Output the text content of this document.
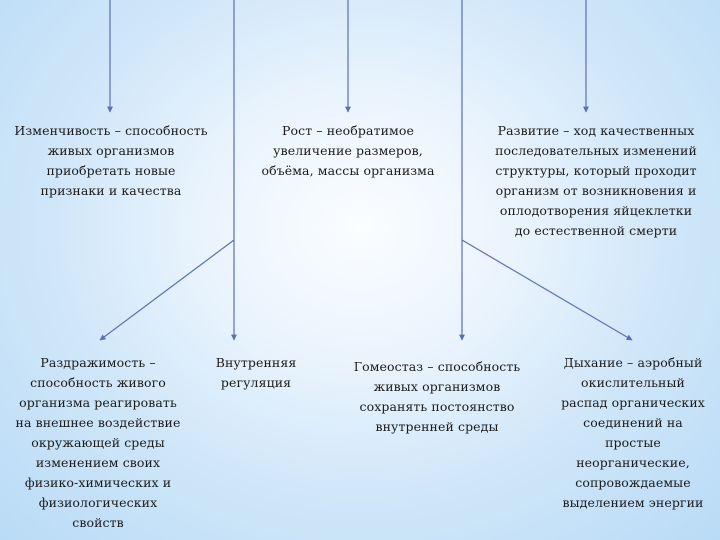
Изменчивость – способность
живых организмов
приобретать новые
признаки и качества
Рост – необратимое
увеличение размеров,
объёма, массы организма
Развитие – ход качественных
последовательных изменений
структуры, который проходит
организм от возникновения и
оплодотворения яйцеклетки
до естественной смерти
Раздражимость –
способность живого
организма реагировать
на внешнее воздействие
окружающей среды
изменением своих
физико-химических и
физиологических
свойств
Внутренняя
регуляция
Гомеостаз – способность
живых организмов
сохранять постоянство
внутренней среды
Дыхание – аэробный
окислительный
распад органических
соединений на
простые
неорганические,
сопровождаемые
выделением энергии
